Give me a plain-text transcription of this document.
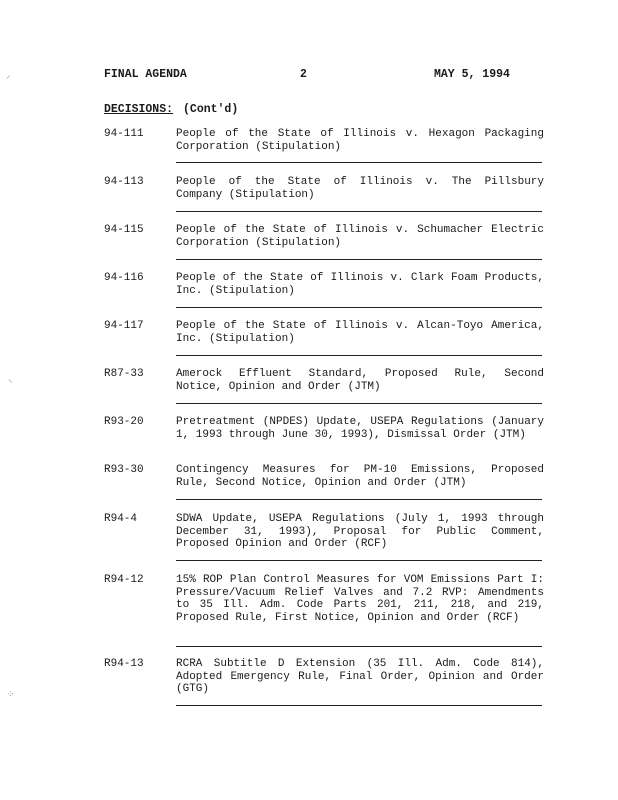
FINAL AGENDA	2	MAY 5, 1994
DECISIONS: (Cont'd)
94-111	People of the State of Illinois v. Hexagon Packaging Corporation (Stipulation)
94-113	People of the State of Illinois v. The Pillsbury Company (Stipulation)
94-115	People of the State of Illinois v. Schumacher Electric Corporation (Stipulation)
94-116	People of the State of Illinois v. Clark Foam Products, Inc. (Stipulation)
94-117	People of the State of Illinois v. Alcan-Toyo America, Inc. (Stipulation)
R87-33	Amerock Effluent Standard, Proposed Rule, Second Notice, Opinion and Order (JTM)
R93-20	Pretreatment (NPDES) Update, USEPA Regulations (January 1, 1993 through June 30, 1993), Dismissal Order (JTM)
R93-30	Contingency Measures for PM-10 Emissions, Proposed Rule, Second Notice, Opinion and Order (JTM)
R94-4	SDWA Update, USEPA Regulations (July 1, 1993 through December 31, 1993), Proposal for Public Comment, Proposed Opinion and Order (RCF)
R94-12	15% ROP Plan Control Measures for VOM Emissions Part I: Pressure/Vacuum Relief Valves and 7.2 RVP: Amendments to 35 Ill. Adm. Code Parts 201, 211, 218, and 219, Proposed Rule, First Notice, Opinion and Order (RCF)
R94-13	RCRA Subtitle D Extension (35 Ill. Adm. Code 814), Adopted Emergency Rule, Final Order, Opinion and Order (GTG)
⸝
⸜
⁘
